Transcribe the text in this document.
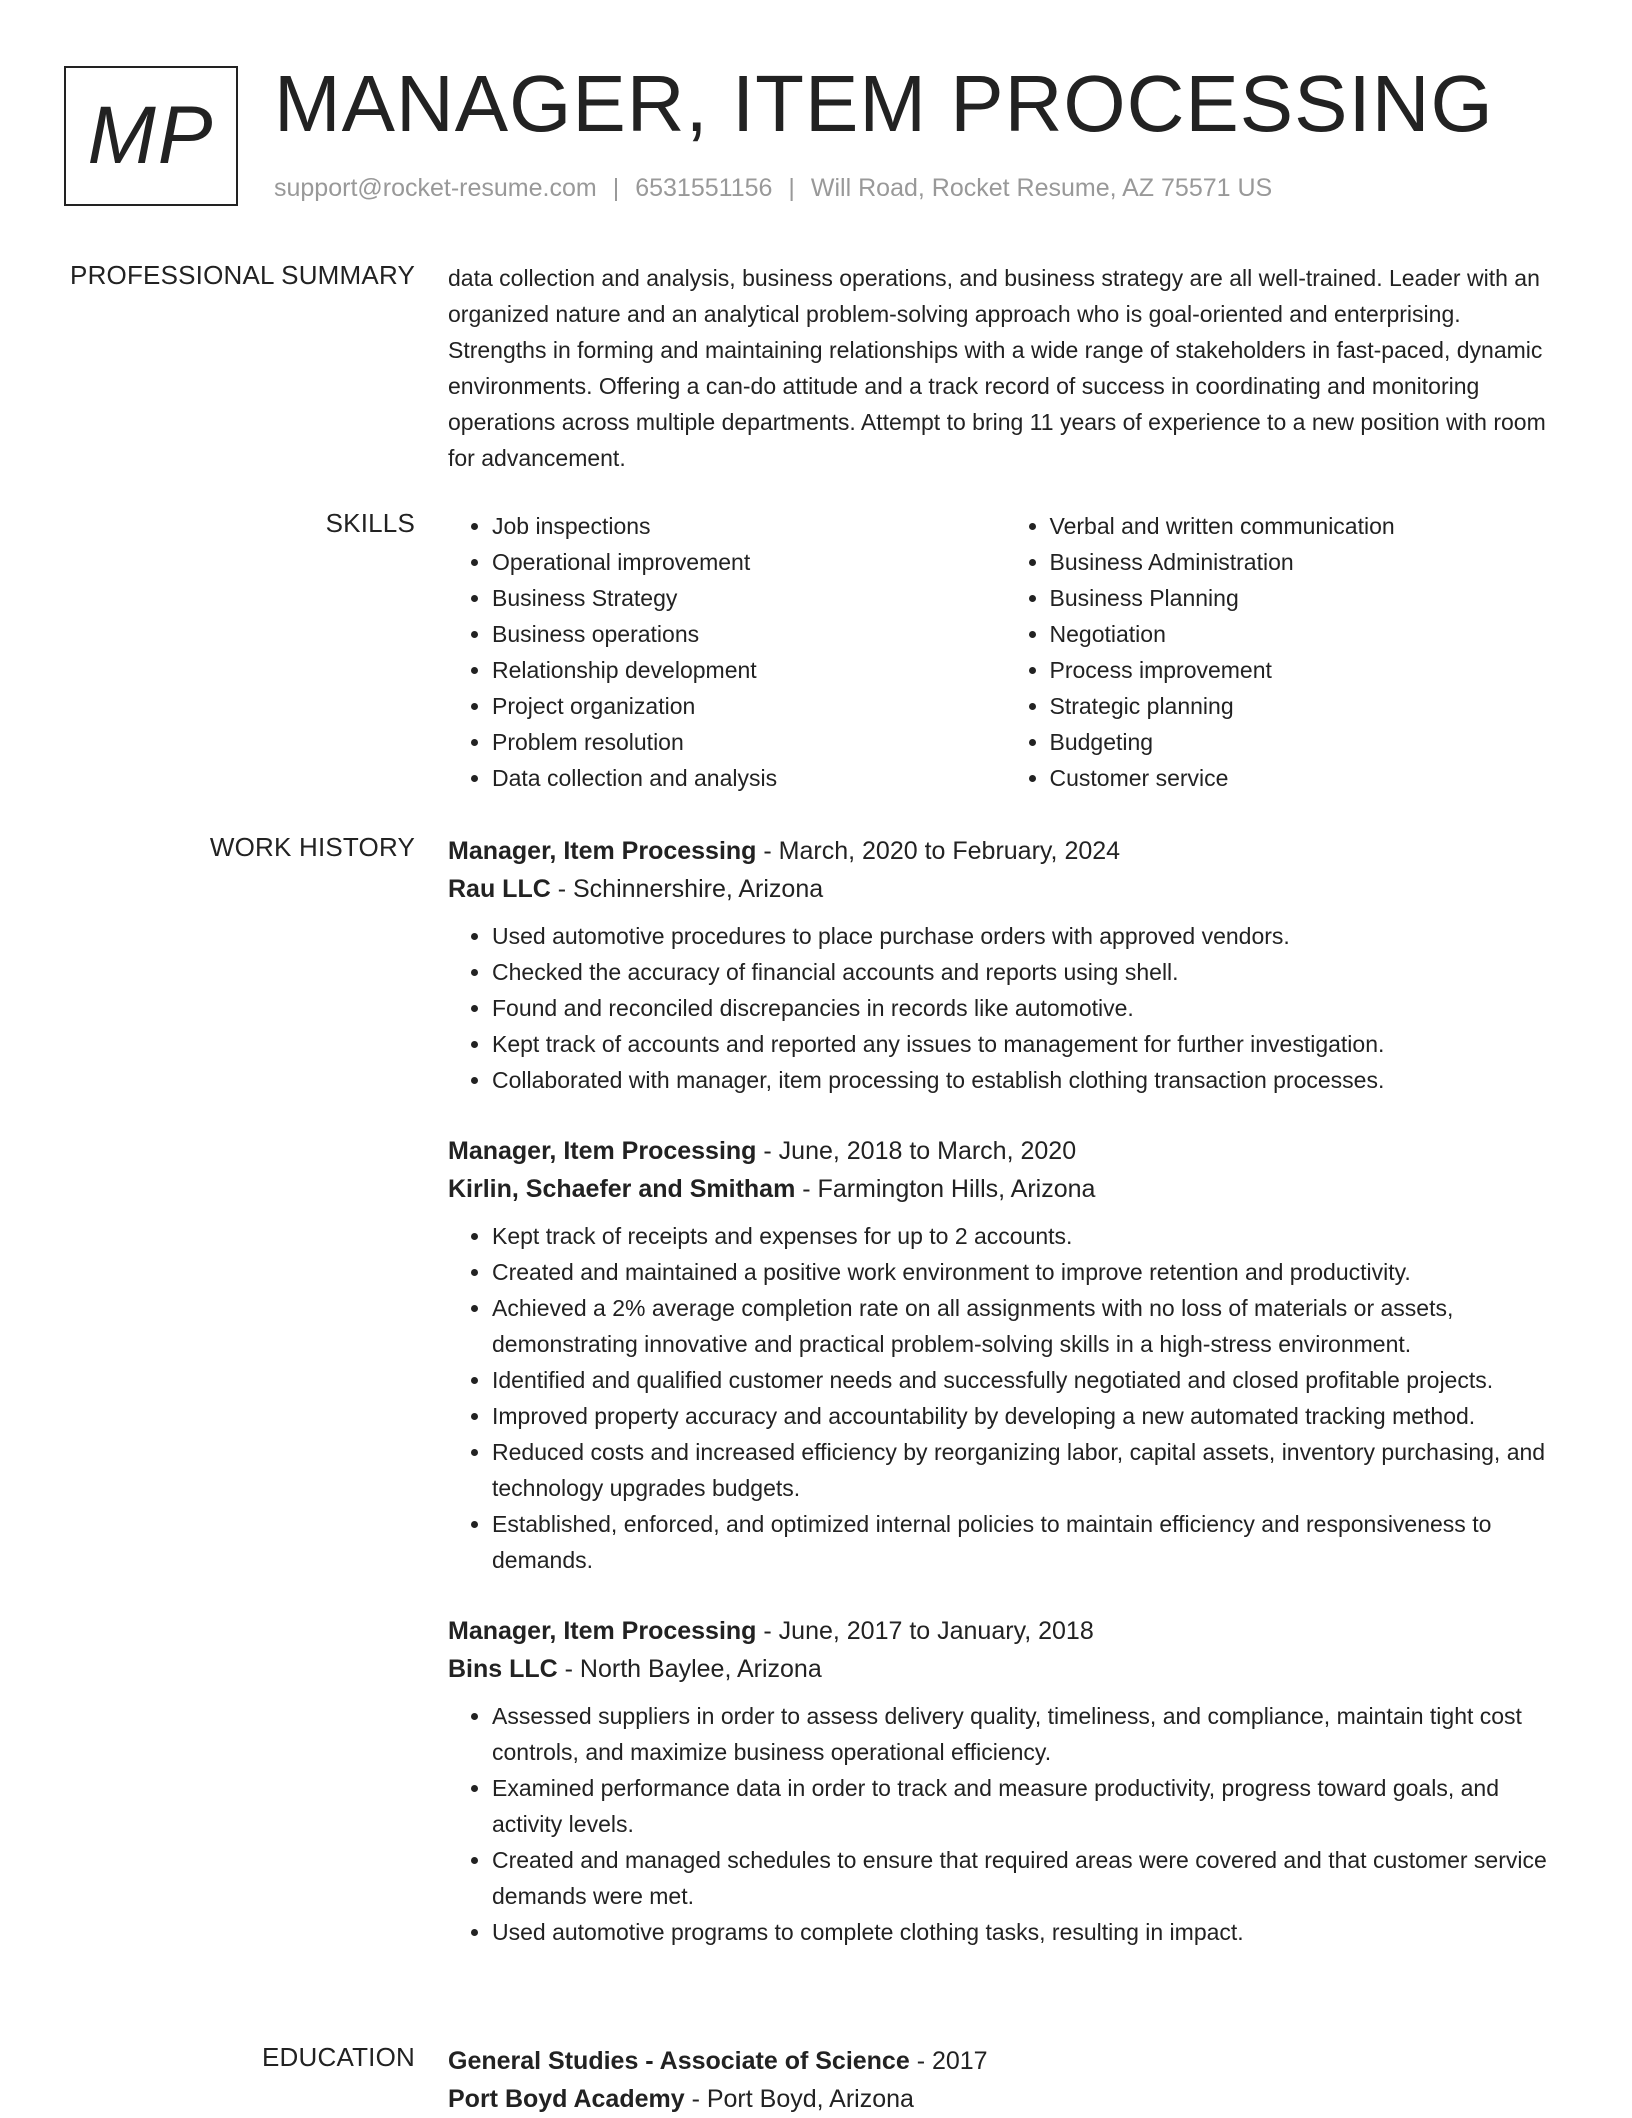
MP MANAGER, ITEM PROCESSING
support@rocket-resume.com | 6531551156 | Will Road, Rocket Resume, AZ 75571 US
PROFESSIONAL SUMMARY data collection and analysis, business operations, and business strategy are all well-trained. Leader with an organized nature and an analytical problem-solving approach who is goal-oriented and enterprising. Strengths in forming and maintaining relationships with a wide range of stakeholders in fast-paced, dynamic environments. Offering a can-do attitude and a track record of success in coordinating and monitoring operations across multiple departments. Attempt to bring 11 years of experience to a new position with room for advancement.

SKILLS
•	Job inspections
• Operational improvement
• Business Strategy
• Business operations
• Relationship development
• Project organization
• Problem resolution
• Data collection and analysis
• Verbal and written communication
• Business Administration
• Business Planning
• Negotiation
• Process improvement
• Strategic planning
• Budgeting
• Customer service
WORK HISTORY Manager, Item Processing - March, 2020 to February, 2024
Rau LLC - Schinnershire, Arizona
• Used automotive procedures to place purchase orders with approved vendors.
• Checked the accuracy of financial accounts and reports using shell.
• Found and reconciled discrepancies in records like automotive.
• Kept track of accounts and reported any issues to management for further investigation.
• Collaborated with manager, item processing to establish clothing transaction processes.
Manager, Item Processing - June, 2018 to March, 2020
Kirlin, Schaefer and Smitham - Farmington Hills, Arizona
• Kept track of receipts and expenses for up to 2 accounts.
• Created and maintained a positive work environment to improve retention and productivity.
• Achieved a 2% average completion rate on all assignments with no loss of materials or assets, demonstrating innovative and practical problem-solving skills in a high-stress environment.
• Identified and qualified customer needs and successfully negotiated and closed profitable projects.
• Improved property accuracy and accountability by developing a new automated tracking method.
• Reduced costs and increased efficiency by reorganizing labor, capital assets, inventory purchasing, and technology upgrades budgets.
• Established, enforced, and optimized internal policies to maintain efficiency and responsiveness to demands.
Manager, Item Processing - June, 2017 to January, 2018
Bins LLC - North Baylee, Arizona
• Assessed suppliers in order to assess delivery quality, timeliness, and compliance, maintain tight cost controls, and maximize business operational efficiency.
• Examined performance data in order to track and measure productivity, progress toward goals, and activity levels.
• Created and managed schedules to ensure that required areas were covered and that customer service demands were met.
• Used automotive programs to complete clothing tasks, resulting in impact.
EDUCATION General Studies - Associate of Science - 2017
Port Boyd Academy - Port Boyd, Arizona
